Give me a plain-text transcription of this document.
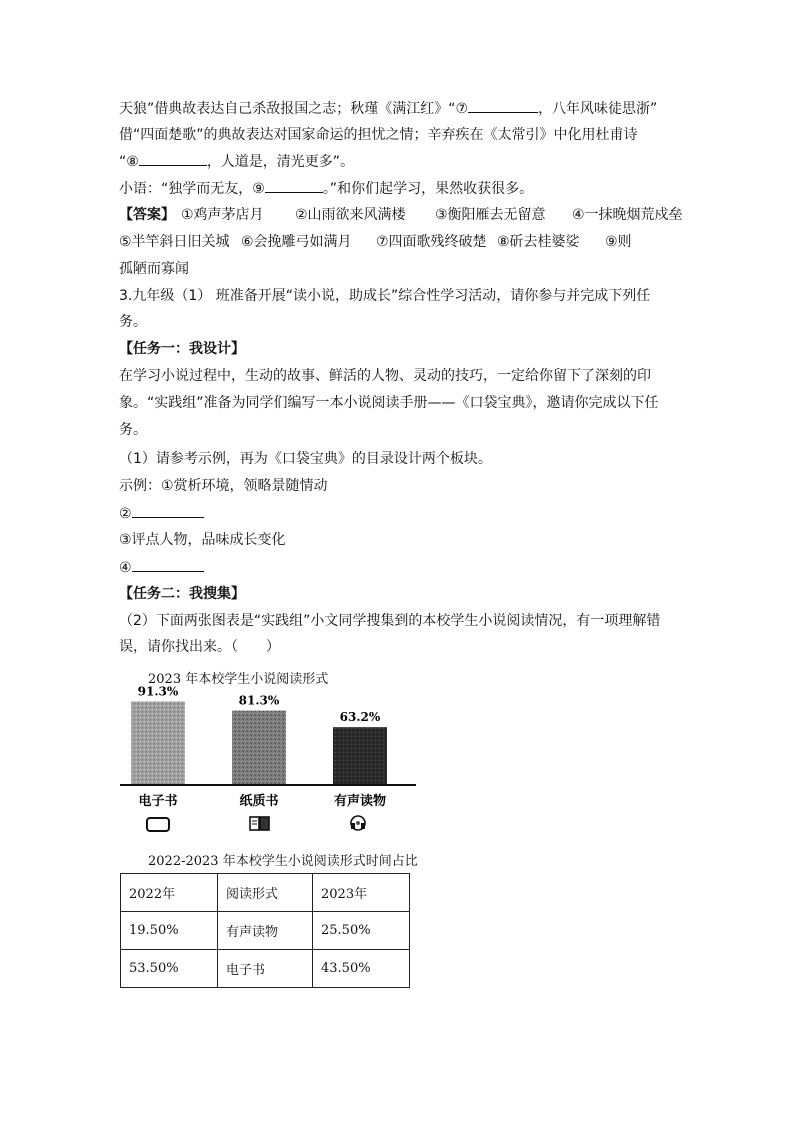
天狼”借典故表达自己杀敌报国之志；秋瑾《满江红》“⑦	，八年风味徒思浙”
借“四面楚歌”的典故表达对国家命运的担忧之情；辛弃疾在《太常引》中化用杜甫诗
“⑧	，人道是，清光更多”。
小语：“独学而无友，⑨	。”和你们起学习，果然收获很多。
【答案】 ①鸡声茅店月 ②山雨欲来风满楼 ③衡阳雁去无留意 ④一抹晚烟荒戍垒
⑤半竿斜日旧关城 ⑥会挽雕弓如满月 ⑦四面歌残终破楚 ⑧斫去桂婆娑 ⑨则
孤陋而寡闻
3.九年级（1） 班准备开展“读小说，助成长”综合性学习活动，请你参与并完成下列任
务。
【任务一：我设计】
在学习小说过程中，生动的故事、鲜活的人物、灵动的技巧，一定给你留下了深刻的印
象。“实践组”准备为同学们编写一本小说阅读手册——《口袋宝典》，邀请你完成以下任
务。
（1）请参考示例，再为《口袋宝典》的目录设计两个板块。
示例：①赏析环境，领略景随情动
②
③评点人物，品味成长变化
④
【任务二：我搜集】
（2）下面两张图表是“实践组”小文同学搜集到的本校学生小说阅读情况，有一项理解错
误，请你找出来。（　　）
2023 年本校学生小说阅读形式
91.3%
电子书
81.3%
纸质书
63.2%
有声读物
2022-2023 年本校学生小说阅读形式时间占比
2022年	阅读形式	2023年
19.50%	有声读物	25.50%
53.50%	电子书	43.50%
